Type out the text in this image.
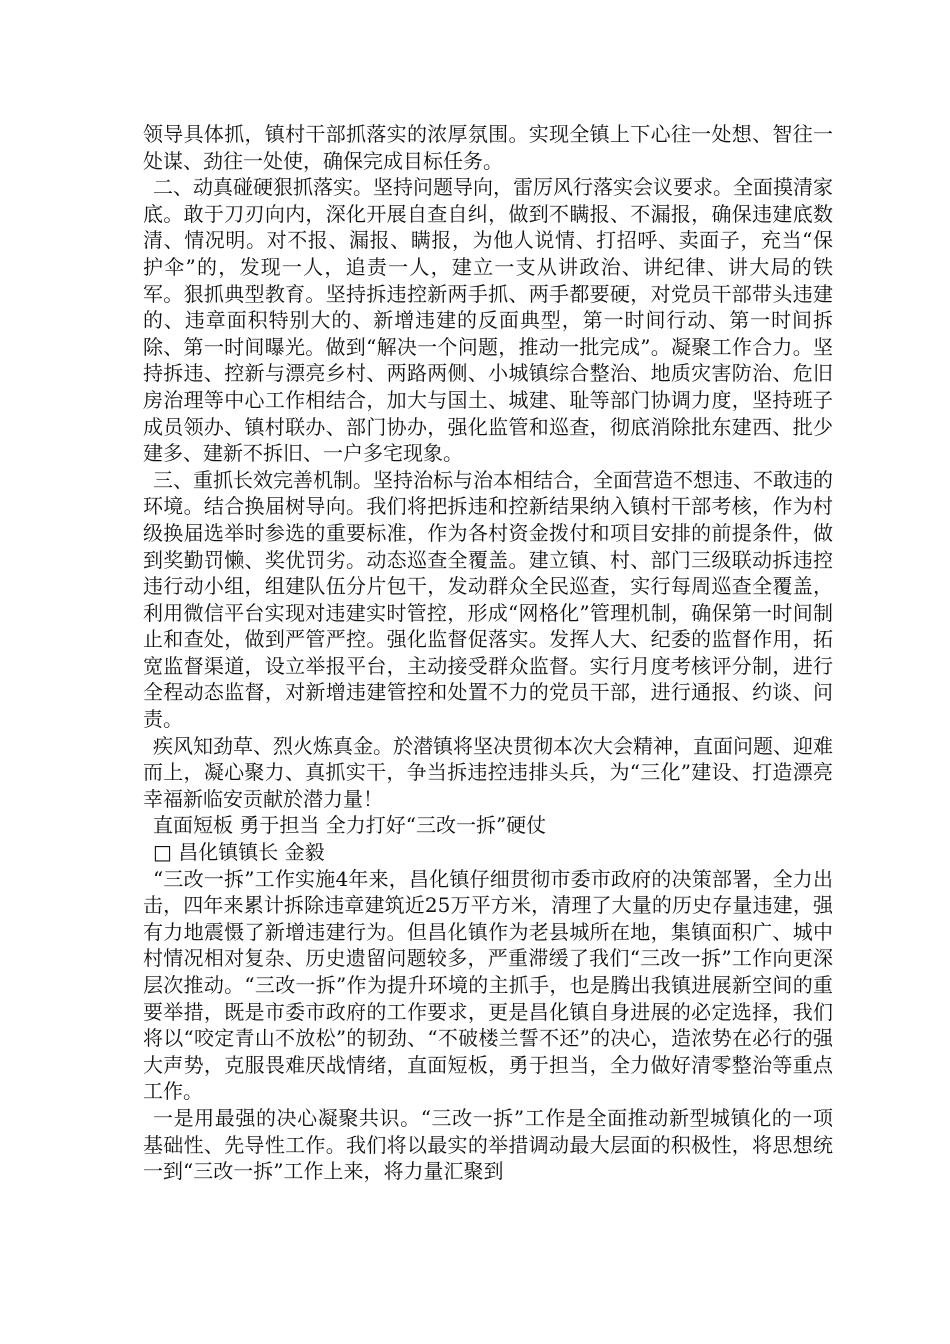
领导具体抓，镇村干部抓落实的浓厚氛围。实现全镇上下心往一处想、智往一处谋、劲往一处使，确保完成目标任务。

二、动真碰硬狠抓落实。坚持问题导向，雷厉风行落实会议要求。全面摸清家底。敢于刀刃向内，深化开展自查自纠，做到不瞒报、不漏报，确保违建底数清、情况明。对不报、漏报、瞒报，为他人说情、打招呼、卖面子，充当“保护伞”的，发现一人，追责一人，建立一支从讲政治、讲纪律、讲大局的铁军。狠抓典型教育。坚持拆违控新两手抓、两手都要硬，对党员干部带头违建的、违章面积特别大的、新增违建的反面典型，第一时间行动、第一时间拆除、第一时间曝光。做到“解决一个问题，推动一批完成”。凝聚工作合力。坚持拆违、控新与漂亮乡村、两路两侧、小城镇综合整治、地质灾害防治、危旧房治理等中心工作相结合，加大与国土、城建、耻等部门协调力度，坚持班子成员领办、镇村联办、部门协办，强化监管和巡查，彻底消除批东建西、批少建多、建新不拆旧、一户多宅现象。

三、重抓长效完善机制。坚持治标与治本相结合，全面营造不想违、不敢违的环境。结合换届树导向。我们将把拆违和控新结果纳入镇村干部考核，作为村级换届选举时参选的重要标准，作为各村资金拨付和项目安排的前提条件，做到奖勤罚懒、奖优罚劣。动态巡查全覆盖。建立镇、村、部门三级联动拆违控违行动小组，组建队伍分片包干，发动群众全民巡查，实行每周巡查全覆盖，利用微信平台实现对违建实时管控，形成“网格化”管理机制，确保第一时间制止和查处，做到严管严控。强化监督促落实。发挥人大、纪委的监督作用，拓宽监督渠道，设立举报平台，主动接受群众监督。实行月度考核评分制，进行全程动态监督，对新增违建管控和处置不力的党员干部，进行通报、约谈、问责。

疾风知劲草、烈火炼真金。於潜镇将坚决贯彻本次大会精神，直面问题、迎难而上，凝心聚力、真抓实干，争当拆违控违排头兵，为“三化”建设、打造漂亮幸福新临安贡献於潜力量！

直面短板 勇于担当 全力打好“三改一拆”硬仗

□ 昌化镇镇长 金毅

“三改一拆”工作实施4年来，昌化镇仔细贯彻市委市政府的决策部署，全力出击，四年来累计拆除违章建筑近25万平方米，清理了大量的历史存量违建，强有力地震慑了新增违建行为。但昌化镇作为老县城所在地，集镇面积广、城中村情况相对复杂、历史遗留问题较多，严重滞缓了我们“三改一拆”工作向更深层次推动。“三改一拆”作为提升环境的主抓手，也是腾出我镇进展新空间的重要举措，既是市委市政府的工作要求，更是昌化镇自身进展的必定选择，我们将以“咬定青山不放松”的韧劲、“不破楼兰誓不还”的决心，造浓势在必行的强大声势，克服畏难厌战情绪，直面短板，勇于担当，全力做好清零整治等重点工作。

一是用最强的决心凝聚共识。“三改一拆”工作是全面推动新型城镇化的一项基础性、先导性工作。我们将以最实的举措调动最大层面的积极性，将思想统一到“三改一拆”工作上来，将力量汇聚到
